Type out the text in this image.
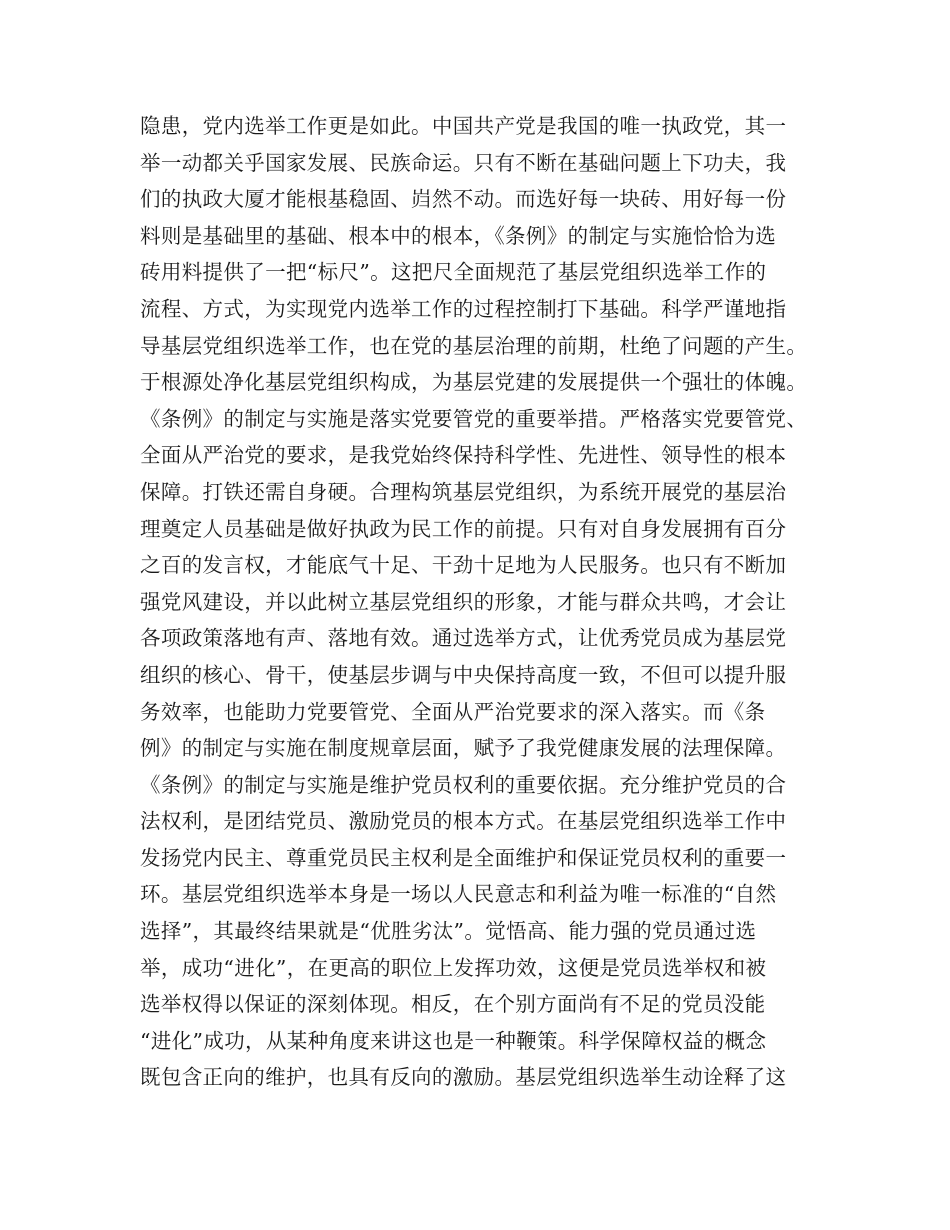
隐患，党内选举工作更是如此。中国共产党是我国的唯一执政党，其一
举一动都关乎国家发展、民族命运。只有不断在基础问题上下功夫，我
们的执政大厦才能根基稳固、岿然不动。而选好每一块砖、用好每一份
料则是基础里的基础、根本中的根本，《条例》的制定与实施恰恰为选
砖用料提供了一把“标尺”。这把尺全面规范了基层党组织选举工作的
流程、方式，为实现党内选举工作的过程控制打下基础。科学严谨地指
导基层党组织选举工作，也在党的基层治理的前期，杜绝了问题的产生。
于根源处净化基层党组织构成，为基层党建的发展提供一个强壮的体魄。
《条例》的制定与实施是落实党要管党的重要举措。严格落实党要管党、
全面从严治党的要求，是我党始终保持科学性、先进性、领导性的根本
保障。打铁还需自身硬。合理构筑基层党组织，为系统开展党的基层治
理奠定人员基础是做好执政为民工作的前提。只有对自身发展拥有百分
之百的发言权，才能底气十足、干劲十足地为人民服务。也只有不断加
强党风建设，并以此树立基层党组织的形象，才能与群众共鸣，才会让
各项政策落地有声、落地有效。通过选举方式，让优秀党员成为基层党
组织的核心、骨干，使基层步调与中央保持高度一致，不但可以提升服
务效率，也能助力党要管党、全面从严治党要求的深入落实。而《条
例》的制定与实施在制度规章层面，赋予了我党健康发展的法理保障。
《条例》的制定与实施是维护党员权利的重要依据。充分维护党员的合
法权利，是团结党员、激励党员的根本方式。在基层党组织选举工作中
发扬党内民主、尊重党员民主权利是全面维护和保证党员权利的重要一
环。基层党组织选举本身是一场以人民意志和利益为唯一标准的“自然
选择”，其最终结果就是“优胜劣汰”。觉悟高、能力强的党员通过选
举，成功“进化”，在更高的职位上发挥功效，这便是党员选举权和被
选举权得以保证的深刻体现。相反，在个别方面尚有不足的党员没能
“进化”成功，从某种角度来讲这也是一种鞭策。科学保障权益的概念
既包含正向的维护，也具有反向的激励。基层党组织选举生动诠释了这
